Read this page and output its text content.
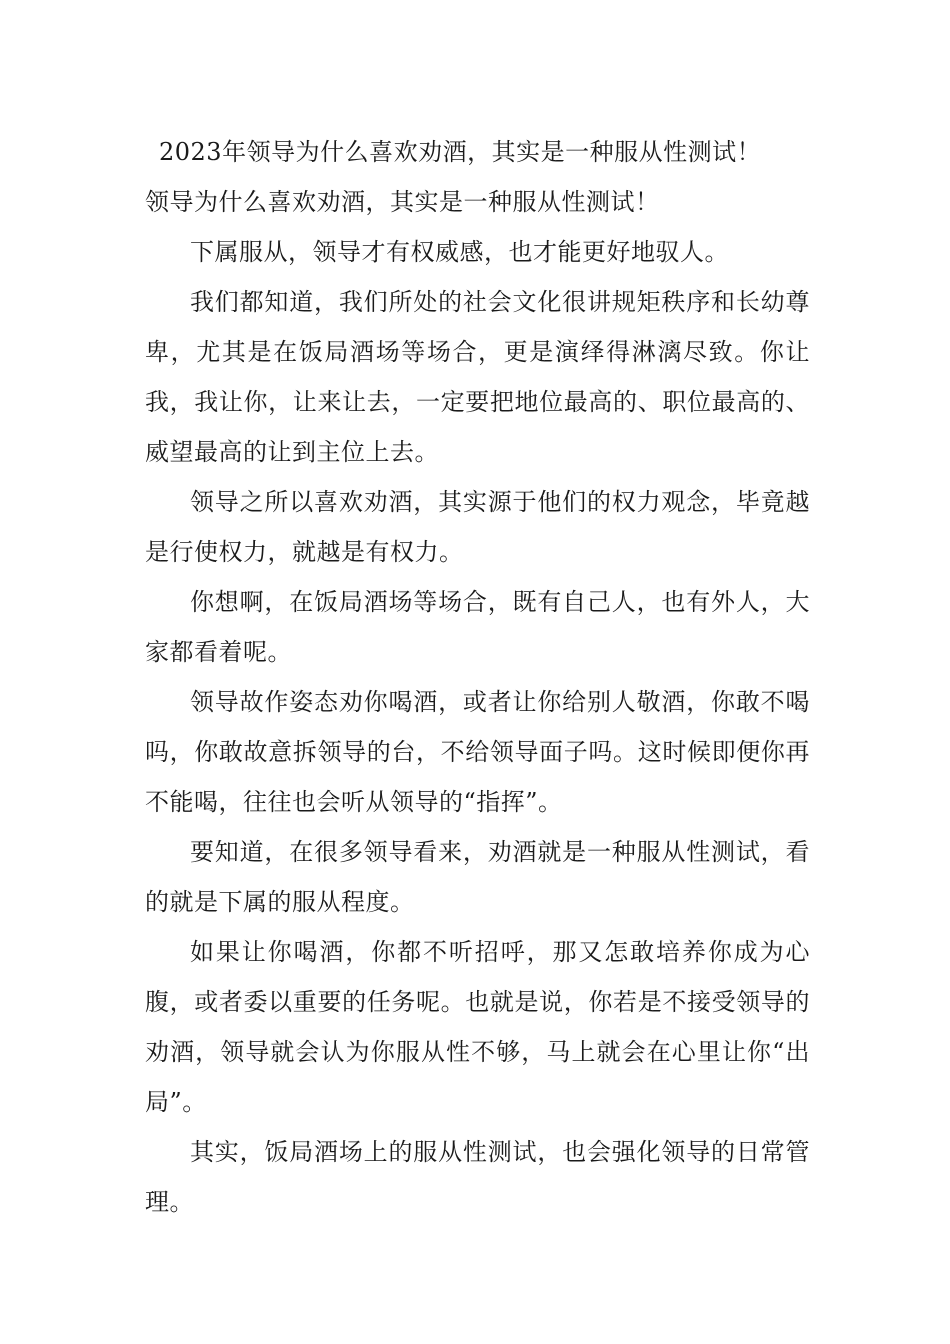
2023年领导为什么喜欢劝酒，其实是一种服从性测试！
领导为什么喜欢劝酒，其实是一种服从性测试！

下属服从，领导才有权威感，也才能更好地驭人。

我们都知道，我们所处的社会文化很讲规矩秩序和长幼尊卑，尤其是在饭局酒场等场合，更是演绎得淋漓尽致。你让我，我让你，让来让去，一定要把地位最高的、职位最高的、威望最高的让到主位上去。

领导之所以喜欢劝酒，其实源于他们的权力观念，毕竟越是行使权力，就越是有权力。

你想啊，在饭局酒场等场合，既有自己人，也有外人，大家都看着呢。

领导故作姿态劝你喝酒，或者让你给别人敬酒，你敢不喝吗，你敢故意拆领导的台，不给领导面子吗。这时候即便你再不能喝，往往也会听从领导的“指挥”。

要知道，在很多领导看来，劝酒就是一种服从性测试，看的就是下属的服从程度。

如果让你喝酒，你都不听招呼，那又怎敢培养你成为心腹，或者委以重要的任务呢。也就是说，你若是不接受领导的劝酒，领导就会认为你服从性不够，马上就会在心里让你“出局”。

其实，饭局酒场上的服从性测试，也会强化领导的日常管理。
